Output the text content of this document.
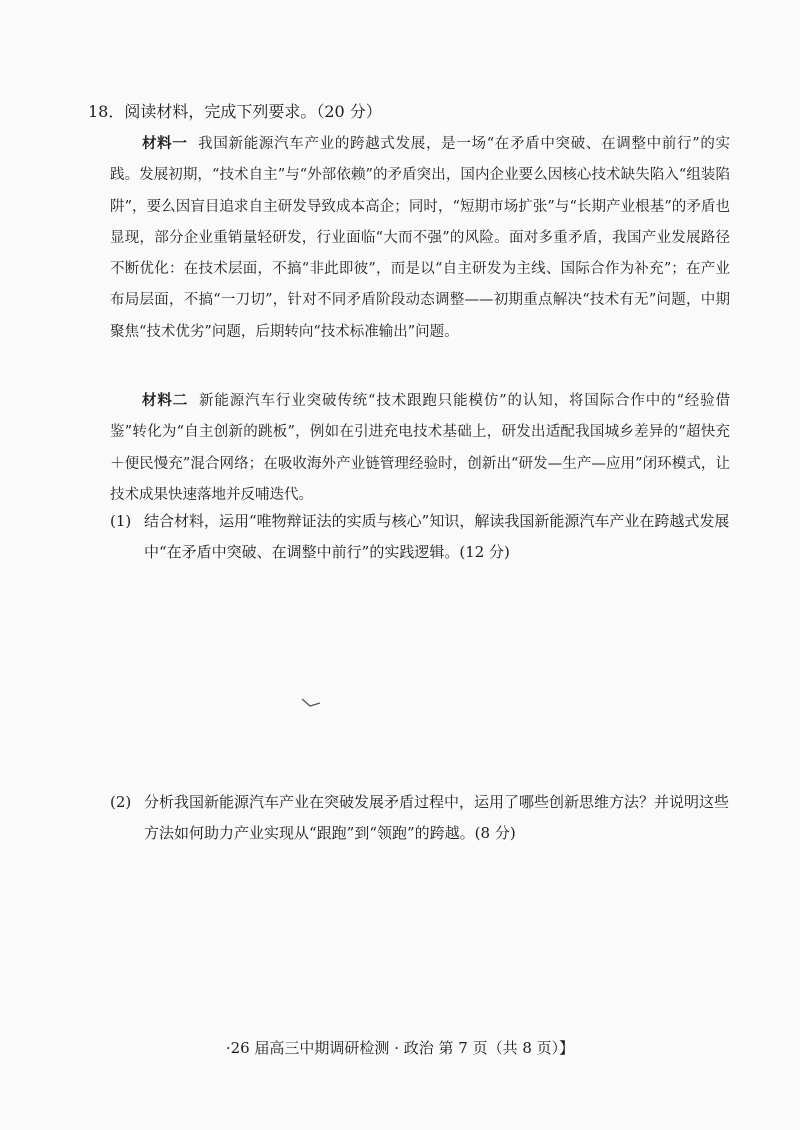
18．阅读材料，完成下列要求。（20 分）
材料一 我国新能源汽车产业的跨越式发展，是一场“在矛盾中突破、在调整中前行”的实践。发展初期，“技术自主”与“外部依赖”的矛盾突出，国内企业要么因核心技术缺失陷入“组装陷阱”，要么因盲目追求自主研发导致成本高企；同时，“短期市场扩张”与“长期产业根基”的矛盾也显现，部分企业重销量轻研发，行业面临“大而不强”的风险。面对多重矛盾，我国产业发展路径不断优化：在技术层面，不搞“非此即彼”，而是以“自主研发为主线、国际合作为补充”；在产业布局层面，不搞“一刀切”，针对不同矛盾阶段动态调整——初期重点解决“技术有无”问题，中期聚焦“技术优劣”问题，后期转向“技术标准输出”问题。
材料二 新能源汽车行业突破传统“技术跟跑只能模仿”的认知，将国际合作中的“经验借鉴”转化为“自主创新的跳板”，例如在引进充电技术基础上，研发出适配我国城乡差异的“超快充＋便民慢充”混合网络；在吸收海外产业链管理经验时，创新出“研发—生产—应用”闭环模式，让技术成果快速落地并反哺迭代。
(1) 结合材料，运用“唯物辩证法的实质与核心”知识，解读我国新能源汽车产业在跨越式发展中“在矛盾中突破、在调整中前行”的实践逻辑。(12 分)
(2) 分析我国新能源汽车产业在突破发展矛盾过程中，运用了哪些创新思维方法？并说明这些方法如何助力产业实现从“跟跑”到“领跑”的跨越。(8 分)
·26 届高三中期调研检测 · 政治 第 7 页（共 8 页）】
